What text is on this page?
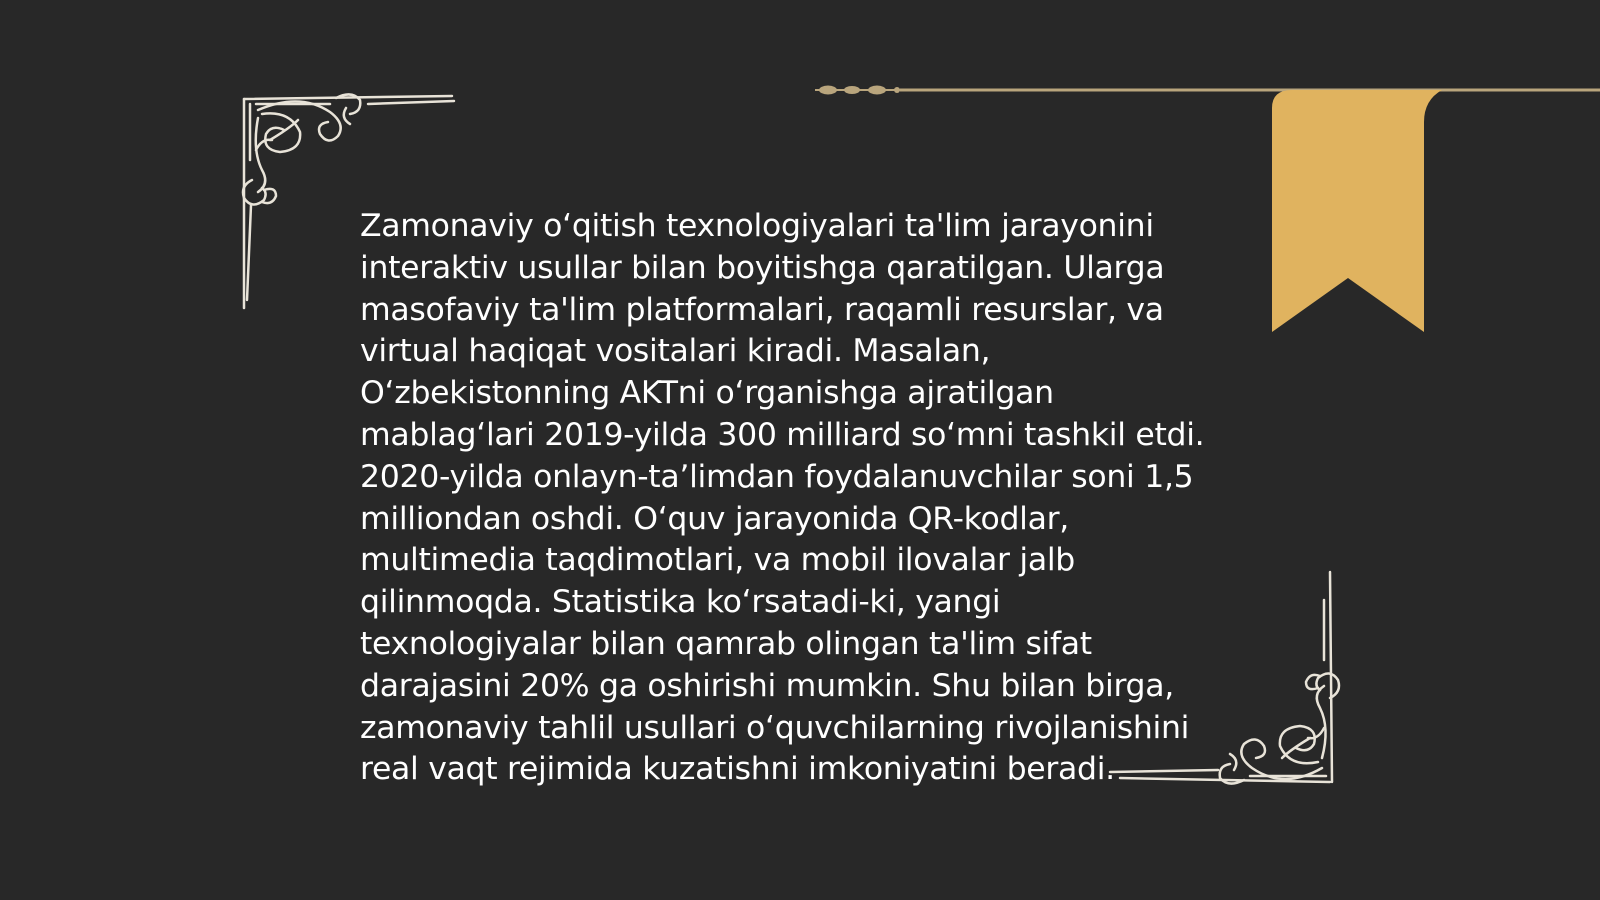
Zamonaviy o‘qitish texnologiyalari ta'lim jarayonini
interaktiv usullar bilan boyitishga qaratilgan. Ularga
masofaviy ta'lim platformalari, raqamli resurslar, va
virtual haqiqat vositalari kiradi. Masalan,
O‘zbekistonning AKTni o‘rganishga ajratilgan
mablag‘lari 2019-yilda 300 milliard so‘mni tashkil etdi.
2020-yilda onlayn-ta’limdan foydalanuvchilar soni 1,5
milliondan oshdi. O‘quv jarayonida QR-kodlar,
multimedia taqdimotlari, va mobil ilovalar jalb
qilinmoqda. Statistika ko‘rsatadi-ki, yangi
texnologiyalar bilan qamrab olingan ta'lim sifat
darajasini 20% ga oshirishi mumkin. Shu bilan birga,
zamonaviy tahlil usullari o‘quvchilarning rivojlanishini
real vaqt rejimida kuzatishni imkoniyatini beradi.
